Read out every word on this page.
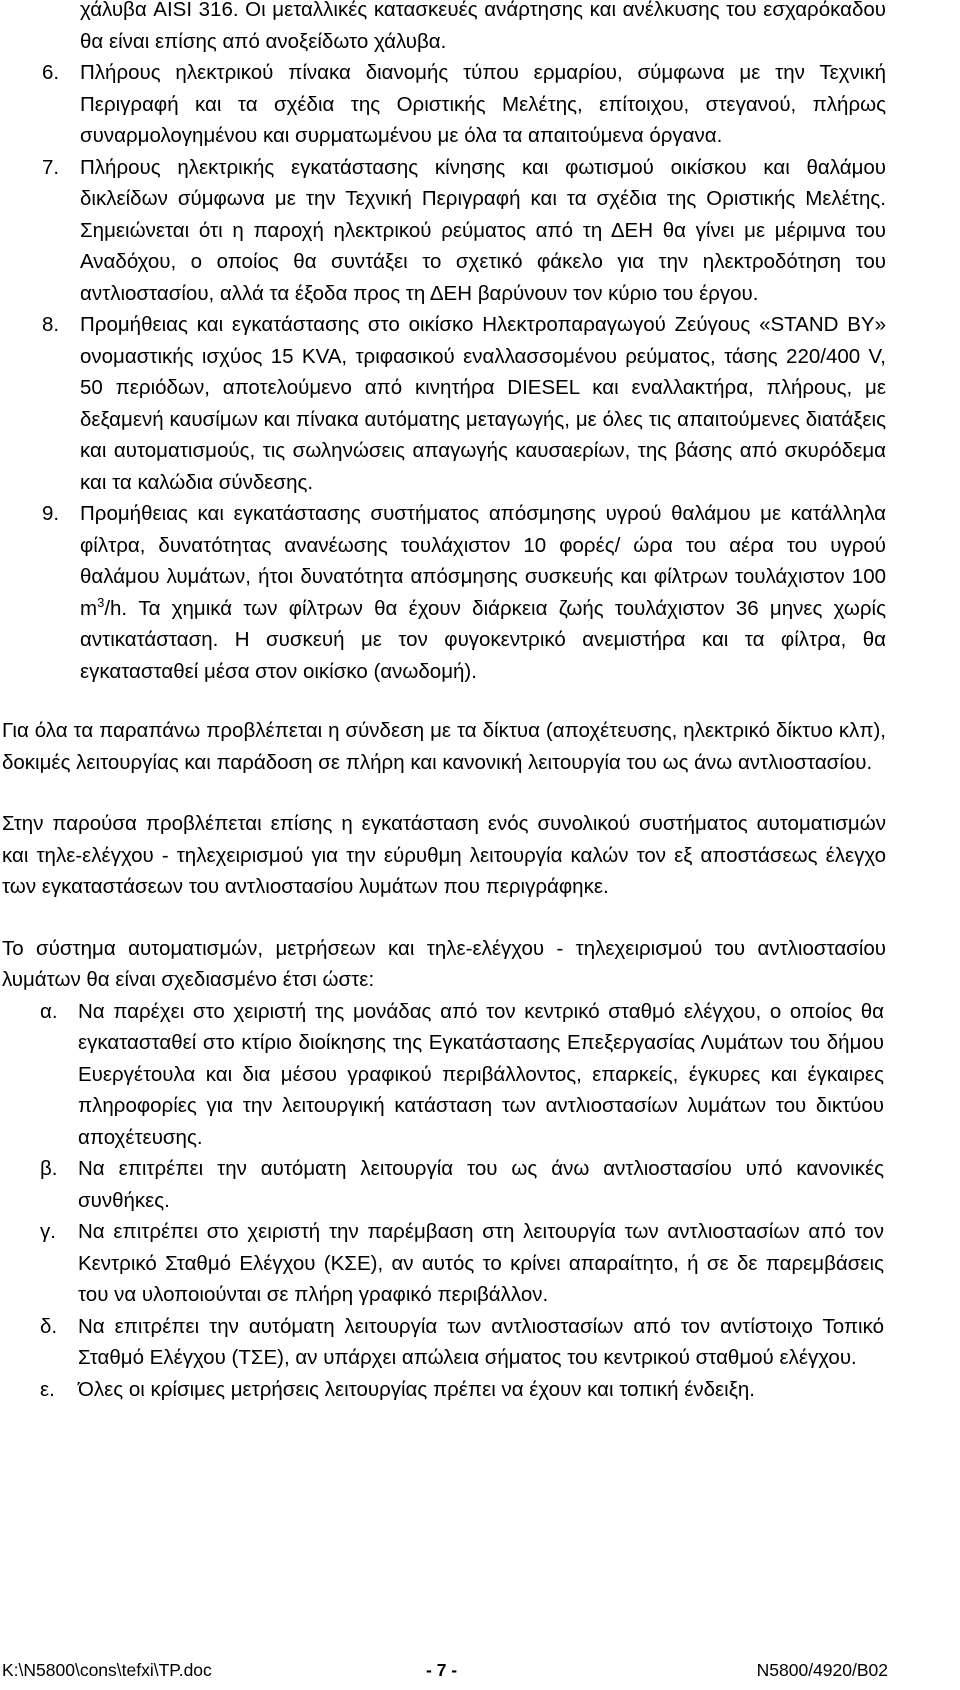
χάλυβα AISI 316. Οι μεταλλικές κατασκευές ανάρτησης και ανέλκυσης του εσχαρόκαδου θα είναι επίσης από ανοξείδωτο χάλυβα.
6.	Πλήρους ηλεκτρικού πίνακα διανομής τύπου ερμαρίου, σύμφωνα με την Τεχνική Περιγραφή και τα σχέδια της Οριστικής Μελέτης, επίτοιχου, στεγανού, πλήρως συναρμολογημένου και συρματωμένου με όλα τα απαιτούμενα όργανα.
7.	Πλήρους ηλεκτρικής εγκατάστασης κίνησης και φωτισμού οικίσκου και θαλάμου δικλείδων σύμφωνα με την Τεχνική Περιγραφή και τα σχέδια της Οριστικής Μελέτης. Σημειώνεται ότι η παροχή ηλεκτρικού ρεύματος από τη ΔΕΗ θα γίνει με μέριμνα του Αναδόχου, ο οποίος θα συντάξει το σχετικό φάκελο για την ηλεκτροδότηση του αντλιοστασίου, αλλά τα έξοδα προς τη ΔΕΗ βαρύνουν τον κύριο του έργου.
8.	Προμήθειας και εγκατάστασης στο οικίσκο Ηλεκτροπαραγωγού Ζεύγους «STAND BY» ονομαστικής ισχύος 15 KVA, τριφασικού εναλλασσομένου ρεύματος, τάσης 220/400 V, 50 περιόδων, αποτελούμενο από κινητήρα DIESEL και εναλλακτήρα, πλήρους, με δεξαμενή καυσίμων και πίνακα αυτόματης μεταγωγής, με όλες τις απαιτούμενες διατάξεις και αυτοματισμούς, τις σωληνώσεις απαγωγής καυσαερίων, της βάσης από σκυρόδεμα και τα καλώδια σύνδεσης.
9.	Προμήθειας και εγκατάστασης συστήματος απόσμησης υγρού θαλάμου με κατάλληλα φίλτρα, δυνατότητας ανανέωσης τουλάχιστον 10 φορές/ ώρα του αέρα του υγρού θαλάμου λυμάτων, ήτοι δυνατότητα απόσμησης συσκευής και φίλτρων τουλάχιστον 100 $m^3/h$. Τα χημικά των φίλτρων θα έχουν διάρκεια ζωής τουλάχιστον 36 μηνες χωρίς αντικατάσταση. Η συσκευή με τον φυγοκεντρικό ανεμιστήρα και τα φίλτρα, θα εγκατασταθεί μέσα στον οικίσκο (ανωδομή).
Για όλα τα παραπάνω προβλέπεται η σύνδεση με τα δίκτυα (αποχέτευσης, ηλεκτρικό δίκτυο κλπ), δοκιμές λειτουργίας και παράδοση σε πλήρη και κανονική λειτουργία του ως άνω αντλιοστασίου.
Στην παρούσα προβλέπεται επίσης η εγκατάσταση ενός συνολικού συστήματος αυτοματισμών και τηλε-ελέγχου - τηλεχειρισμού για την εύρυθμη λειτουργία καλών τον εξ αποστάσεως έλεγχο των εγκαταστάσεων του αντλιοστασίου λυμάτων που περιγράφηκε.
Το σύστημα αυτοματισμών, μετρήσεων και τηλε-ελέγχου - τηλεχειρισμού του αντλιοστασίου λυμάτων θα είναι σχεδιασμένο έτσι ώστε:
α. Να παρέχει στο χειριστή της μονάδας από τον κεντρικό σταθμό ελέγχου, ο οποίος θα εγκατασταθεί στο κτίριο διοίκησης της Εγκατάστασης Επεξεργασίας Λυμάτων του δήμου Ευεργέτουλα και δια μέσου γραφικού περιβάλλοντος, επαρκείς, έγκυρες και έγκαιρες πληροφορίες για την λειτουργική κατάσταση των αντλιοστασίων λυμάτων του δικτύου αποχέτευσης.
β.	Να επιτρέπει την αυτόματη λειτουργία του ως άνω αντλιοστασίου υπό κανονικές συνθήκες.
γ.	Να επιτρέπει στο χειριστή την παρέμβαση στη λειτουργία των αντλιοστασίων από τον Κεντρικό Σταθμό Ελέγχου (ΚΣΕ), αν αυτός το κρίνει απαραίτητο, ή σε δε παρεμβάσεις του να υλοποιούνται σε πλήρη γραφικό περιβάλλον.
δ.	Να επιτρέπει την αυτόματη λειτουργία των αντλιοστασίων από τον αντίστοιχο Τοπικό Σταθμό Ελέγχου (ΤΣΕ), αν υπάρχει απώλεια σήματος του κεντρικού σταθμού ελέγχου.
ε.	Όλες οι κρίσιμες μετρήσεις λειτουργίας πρέπει να έχουν και τοπική ένδειξη.
K:\N5800\cons\tefxi\TP.doc	- 7 -	N5800/4920/B02
